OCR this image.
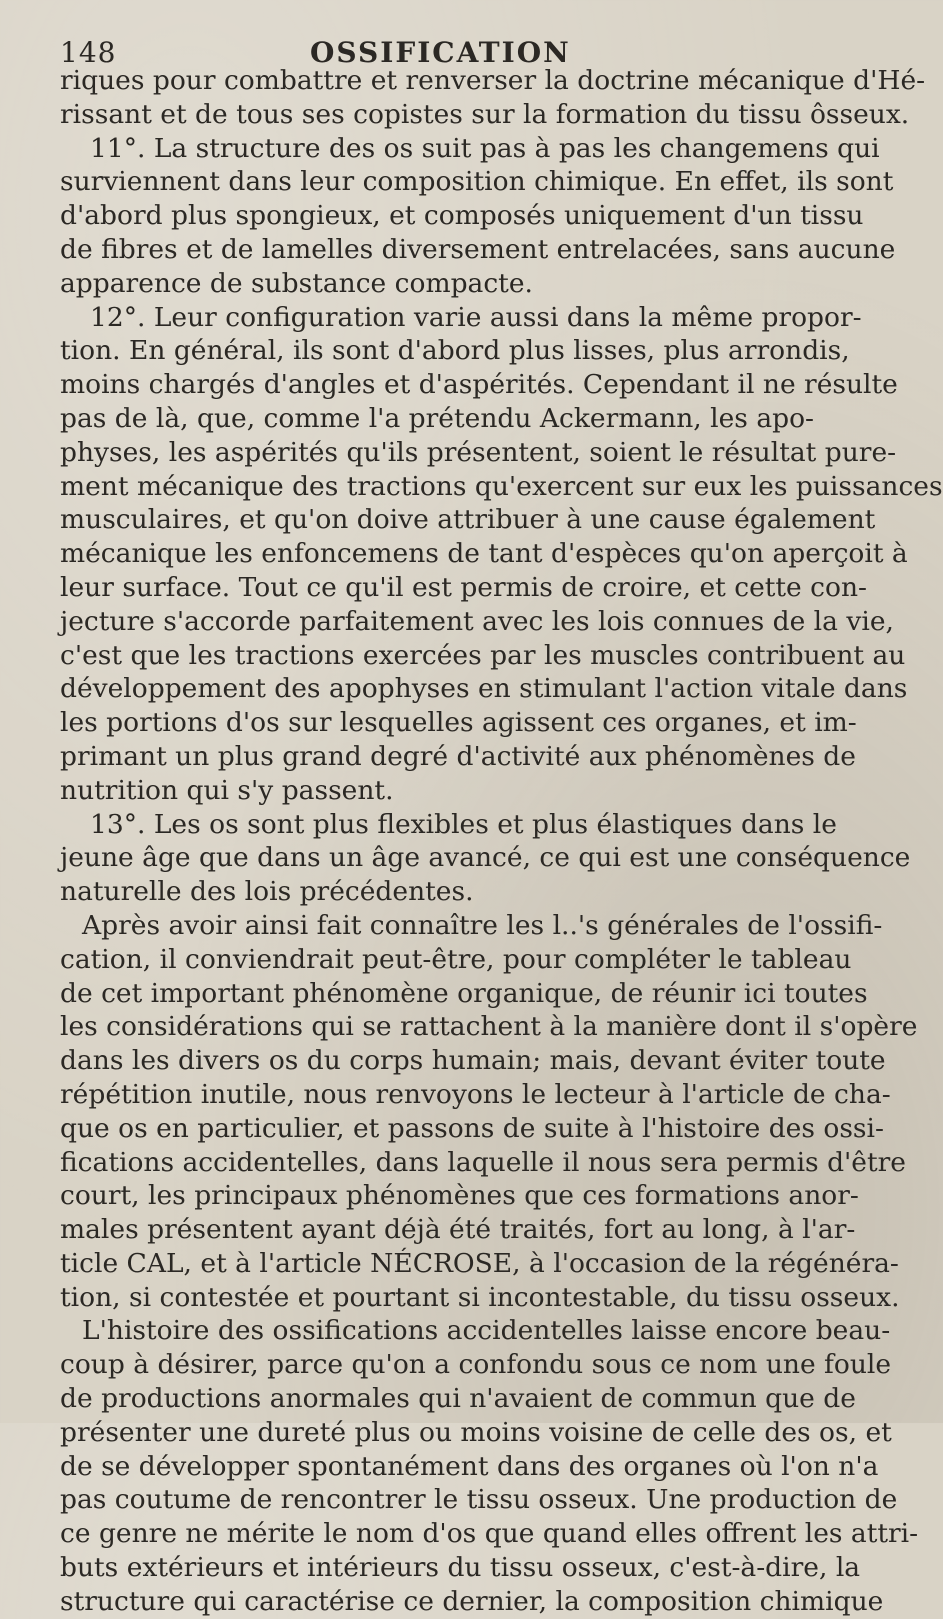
148	OSSIFICATION
riques pour combattre et renverser la doctrine mécanique d'Hé-
rissant et de tous ses copistes sur la formation du tissu ôsseux.
11°. La structure des os suit pas à pas les changemens qui
surviennent dans leur composition chimique. En effet, ils sont
d'abord plus spongieux, et composés uniquement d'un tissu
de fibres et de lamelles diversement entrelacées, sans aucune
apparence de substance compacte.
12°. Leur configuration varie aussi dans la même propor-
tion. En général, ils sont d'abord plus lisses, plus arrondis,
moins chargés d'angles et d'aspérités. Cependant il ne résulte
pas de là, que, comme l'a prétendu Ackermann, les apo-
physes, les aspérités qu'ils présentent, soient le résultat pure-
ment mécanique des tractions qu'exercent sur eux les puissances
musculaires, et qu'on doive attribuer à une cause également
mécanique les enfoncemens de tant d'espèces qu'on aperçoit à
leur surface. Tout ce qu'il est permis de croire, et cette con-
jecture s'accorde parfaitement avec les lois connues de la vie,
c'est que les tractions exercées par les muscles contribuent au
développement des apophyses en stimulant l'action vitale dans
les portions d'os sur lesquelles agissent ces organes, et im-
primant un plus grand degré d'activité aux phénomènes de
nutrition qui s'y passent.
13°. Les os sont plus flexibles et plus élastiques dans le
jeune âge que dans un âge avancé, ce qui est une conséquence
naturelle des lois précédentes.
Après avoir ainsi fait connaître les l..'s générales de l'ossifi-
cation, il conviendrait peut-être, pour compléter le tableau
de cet important phénomène organique, de réunir ici toutes
les considérations qui se rattachent à la manière dont il s'opère
dans les divers os du corps humain; mais, devant éviter toute
répétition inutile, nous renvoyons le lecteur à l'article de cha-
que os en particulier, et passons de suite à l'histoire des ossi-
fications accidentelles, dans laquelle il nous sera permis d'être
court, les principaux phénomènes que ces formations anor-
males présentent ayant déjà été traités, fort au long, à l'ar-
ticle CAL, et à l'article NÉCROSE, à l'occasion de la régénéra-
tion, si contestée et pourtant si incontestable, du tissu osseux.
L'histoire des ossifications accidentelles laisse encore beau-
coup à désirer, parce qu'on a confondu sous ce nom une foule
de productions anormales qui n'avaient de commun que de
présenter une dureté plus ou moins voisine de celle des os, et
de se développer spontanément dans des organes où l'on n'a
pas coutume de rencontrer le tissu osseux. Une production de
ce genre ne mérite le nom d'os que quand elles offrent les attri-
buts extérieurs et intérieurs du tissu osseux, c'est-à-dire, la
structure qui caractérise ce dernier, la composition chimique
